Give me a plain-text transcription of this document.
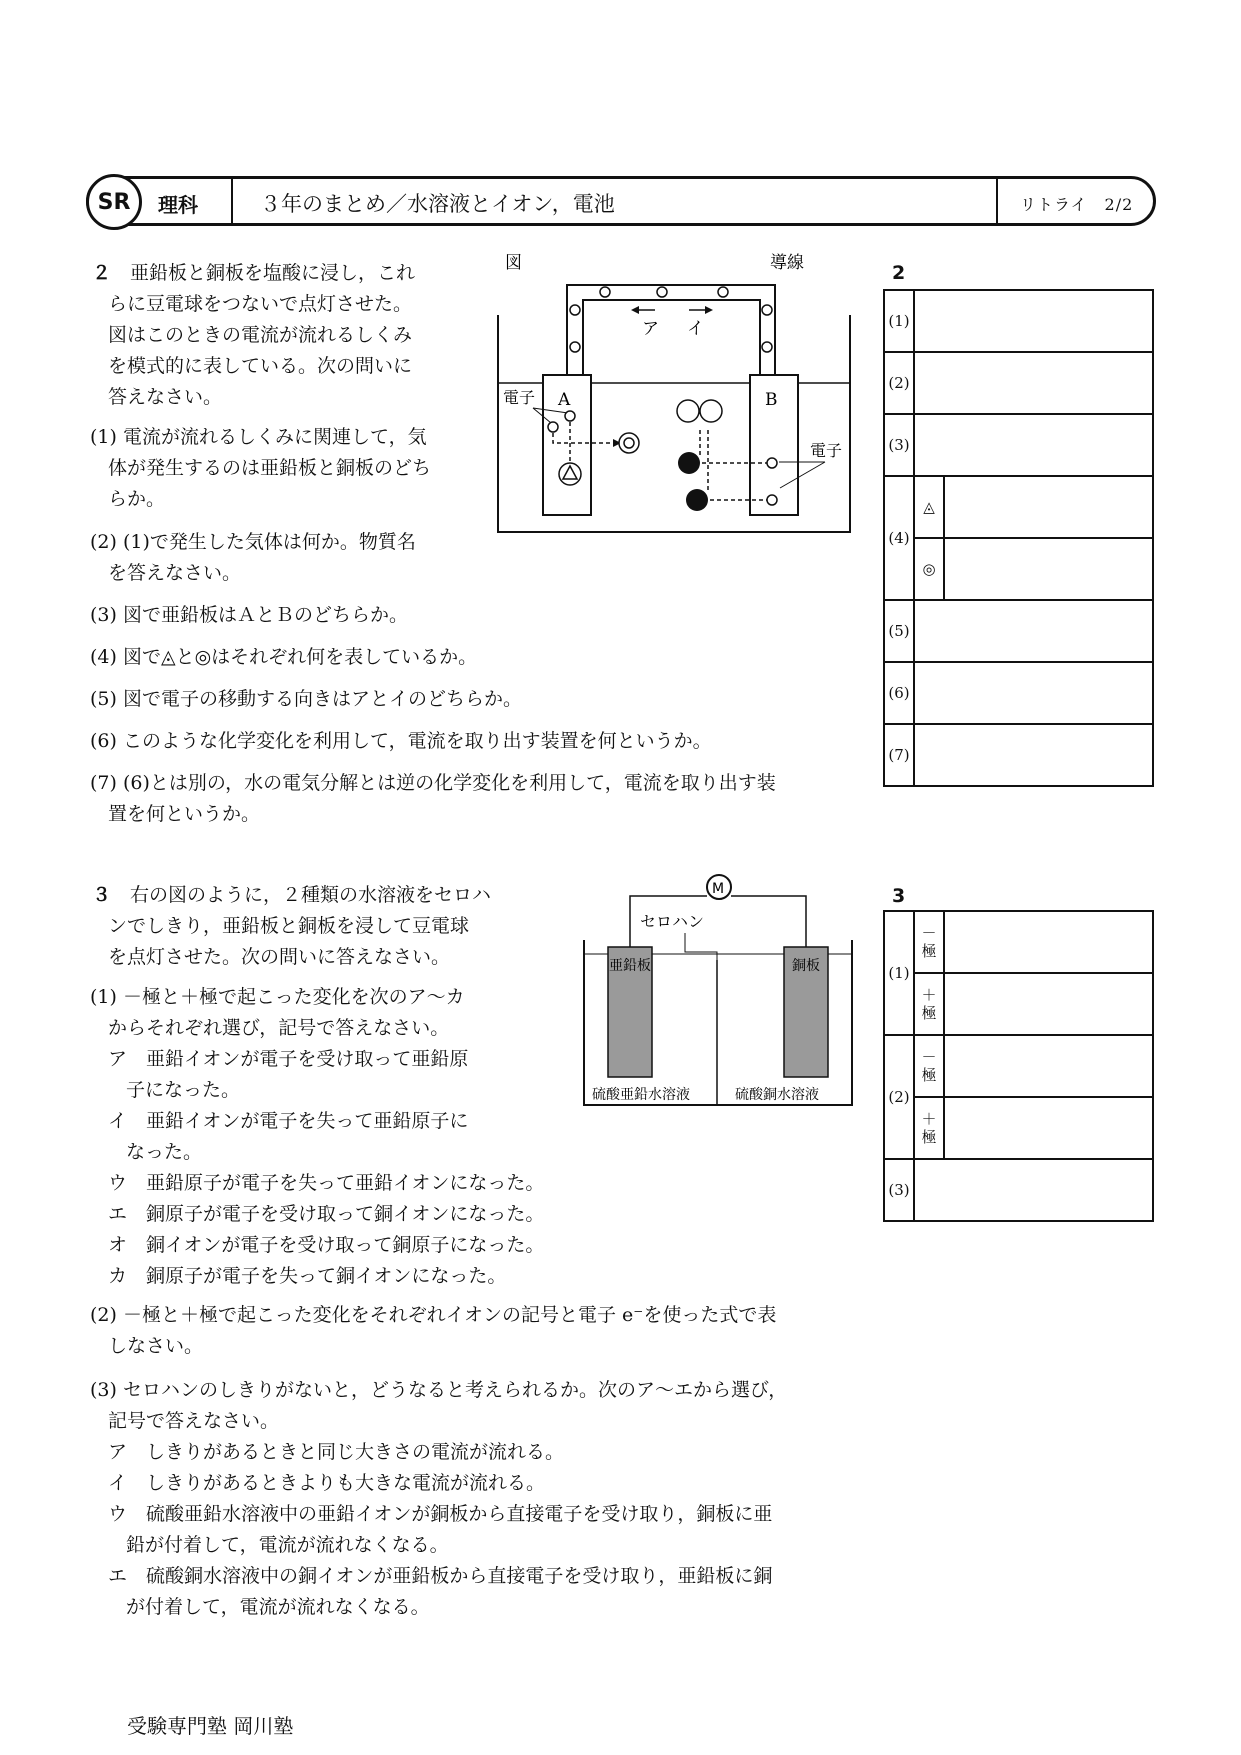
SR	理科	３年のまとめ／水溶液とイオン，電池	リトライ　2/2
２　 亜鉛板と銅板を塩酸に浸し，これ
らに豆電球をつないで点灯させた。
図はこのときの電流が流れるしくみ
を模式的に表している。次の問いに
答えなさい。
(1) 電流が流れるしくみに関連して，気
体が発生するのは亜鉛板と銅板のどち
らか。
(2) (1)で発生した気体は何か。物質名
を答えなさい。
(3) 図で亜鉛板はＡとＢのどちらか。
(4) 図で◬と◎はそれぞれ何を表しているか。
(5) 図で電子の移動する向きはアとイのどちらか。
(6) このような化学変化を利用して，電流を取り出す装置を何というか。
(7) (6)とは別の，水の電気分解とは逆の化学変化を利用して，電流を取り出す装
置を何というか。
図	導線
ア イ
A	B
電子
電子
2
(1)		
(2)		
(3)		
(4)	◬	
	◎	
(5)		
(6)		
(7)		
３　 右の図のように，２種類の水溶液をセロハ
ンでしきり，亜鉛板と銅板を浸して豆電球
を点灯させた。次の問いに答えなさい。
(1) －極と＋極で起こった変化を次のア～カ
からそれぞれ選び，記号で答えなさい。
ア　亜鉛イオンが電子を受け取って亜鉛原
子になった。
イ　亜鉛イオンが電子を失って亜鉛原子に
なった。
ウ　亜鉛原子が電子を失って亜鉛イオンになった。
エ　銅原子が電子を受け取って銅イオンになった。
オ　銅イオンが電子を受け取って銅原子になった。
カ　銅原子が電子を失って銅イオンになった。
(2) －極と＋極で起こった変化をそれぞれイオンの記号と電子 e⁻を使った式で表
しなさい。
(3) セロハンのしきりがないと，どうなると考えられるか。次のア～エから選び，
記号で答えなさい。
ア　しきりがあるときと同じ大きさの電流が流れる。
イ　しきりがあるときよりも大きな電流が流れる。
ウ　硫酸亜鉛水溶液中の亜鉛イオンが銅板から直接電子を受け取り，銅板に亜
鉛が付着して，電流が流れなくなる。
エ　硫酸銅水溶液中の銅イオンが亜鉛板から直接電子を受け取り，亜鉛板に銅
が付着して，電流が流れなくなる。
M
セロハン
亜鉛板	銅板
硫酸亜鉛水溶液	硫酸銅水溶液
3
(1)	－
極	
	＋
極	
(2)	－
極	
	＋
極	
(3)		
受験専門塾 岡川塾
